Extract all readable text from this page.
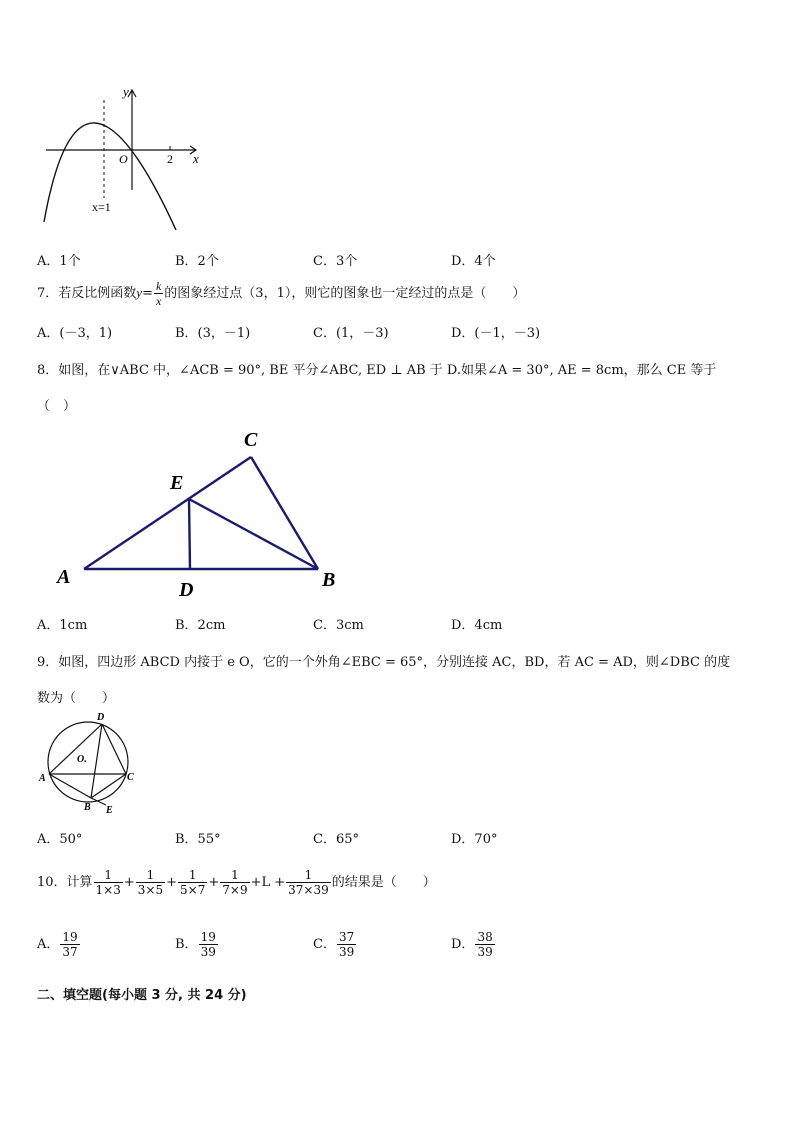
y
O	2 x
x=1
A．1个	B．2个	C．3个	D．4个
7．若反比例函数$y= \frac{k}{x}$ 的图象经过点（3，1），则它的图象也一定经过的点是（　　）
A．(－3，1)	B．(3，－1)	C．(1，－3)	D．(－1，－3)
8．如图，在∨ABC 中，∠ACB = 90°, BE 平分∠ABC, ED ⊥ AB 于 D.如果∠A = 30°, AE = 8cm，那么 CE 等于
（　）
C
E
A
D	B
A．1cm	B．2cm	C．3cm	D．4cm
9．如图，四边形 ABCD 内接于 e O，它的一个外角∠EBC = 65°，分别连接 AC，BD，若 AC = AD，则∠DBC 的度
数为（　　）
D
O.
A	C
B E
A．50°	B．55°	C．65°	D．70°
10．计算 $\frac{1}{1\times 3} + \frac{1}{3\times 5} + \frac{1}{5\times 7} + \frac{1}{7\times 9} +L + \frac{1}{37\times 39}$ 的结果是（　　）
A． $\frac{19}{37}$	B． $\frac{19}{39}$	C． $\frac{37}{39}$	D． $\frac{38}{39}$
二、填空题(每小题 3 分, 共 24 分)
